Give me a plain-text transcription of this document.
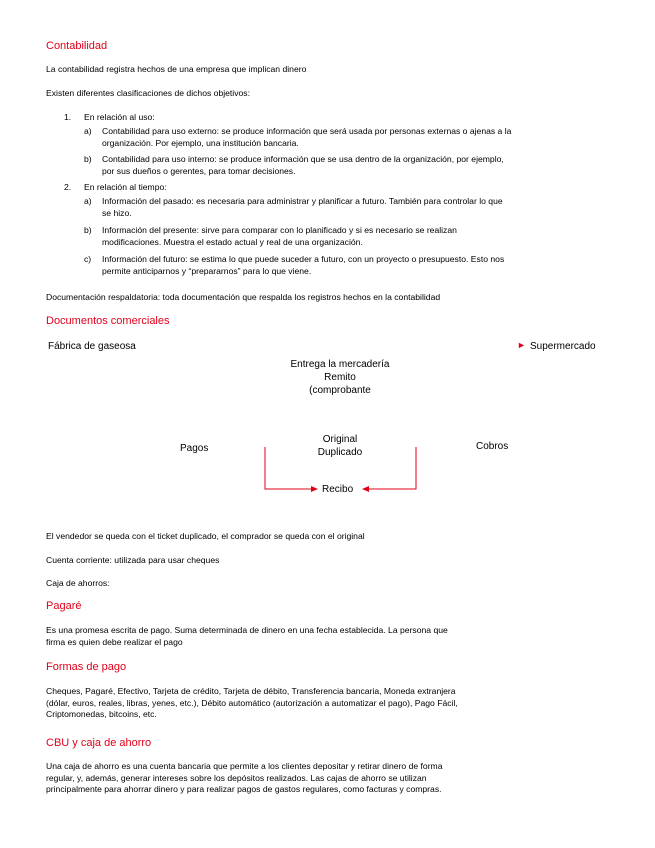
Contabilidad
La contabilidad registra hechos de una empresa que implican dinero
Existen diferentes clasificaciones de dichos objetivos:
1. En relación al uso:
a) Contabilidad para uso externo: se produce información que será usada por personas externas o ajenas a la
organización. Por ejemplo, una institución bancaria.
b) Contabilidad para uso interno: se produce información que se usa dentro de la organización, por ejemplo,
por sus dueños o gerentes, para tomar decisiones.
2. En relación al tiempo:
a) Información del pasado: es necesaria para administrar y planificar a futuro. También para controlar lo que
se hizo.
b) Información del presente: sirve para comparar con lo planificado y si es necesario se realizan
modificaciones. Muestra el estado actual y real de una organización.
c) Información del futuro: se estima lo que puede suceder a futuro, con un proyecto o presupuesto. Esto nos
permite anticiparnos y “prepararnos” para lo que viene.
Documentación respaldatoria: toda documentación que respalda los registros hechos en la contabilidad
Documentos comerciales
Fábrica de gaseosa	► Supermercado
Entrega la mercadería
Remito
(comprobante
Pagos	Cobros
Original
Duplicado
Recibo
El vendedor se queda con el ticket duplicado, el comprador se queda con el original
Cuenta corriente: utilizada para usar cheques
Caja de ahorros:
Pagaré
Es una promesa escrita de pago. Suma determinada de dinero en una fecha establecida. La persona que
firma es quien debe realizar el pago
Formas de pago
Cheques, Pagaré, Efectivo, Tarjeta de crédito, Tarjeta de débito, Transferencia bancaria, Moneda extranjera
(dólar, euros, reales, libras, yenes, etc.), Débito automático (autorización a automatizar el pago), Pago Fácil,
Criptomonedas, bitcoins, etc.
CBU y caja de ahorro
Una caja de ahorro es una cuenta bancaria que permite a los clientes depositar y retirar dinero de forma
regular, y, además, generar intereses sobre los depósitos realizados. Las cajas de ahorro se utilizan
principalmente para ahorrar dinero y para realizar pagos de gastos regulares, como facturas y compras.
